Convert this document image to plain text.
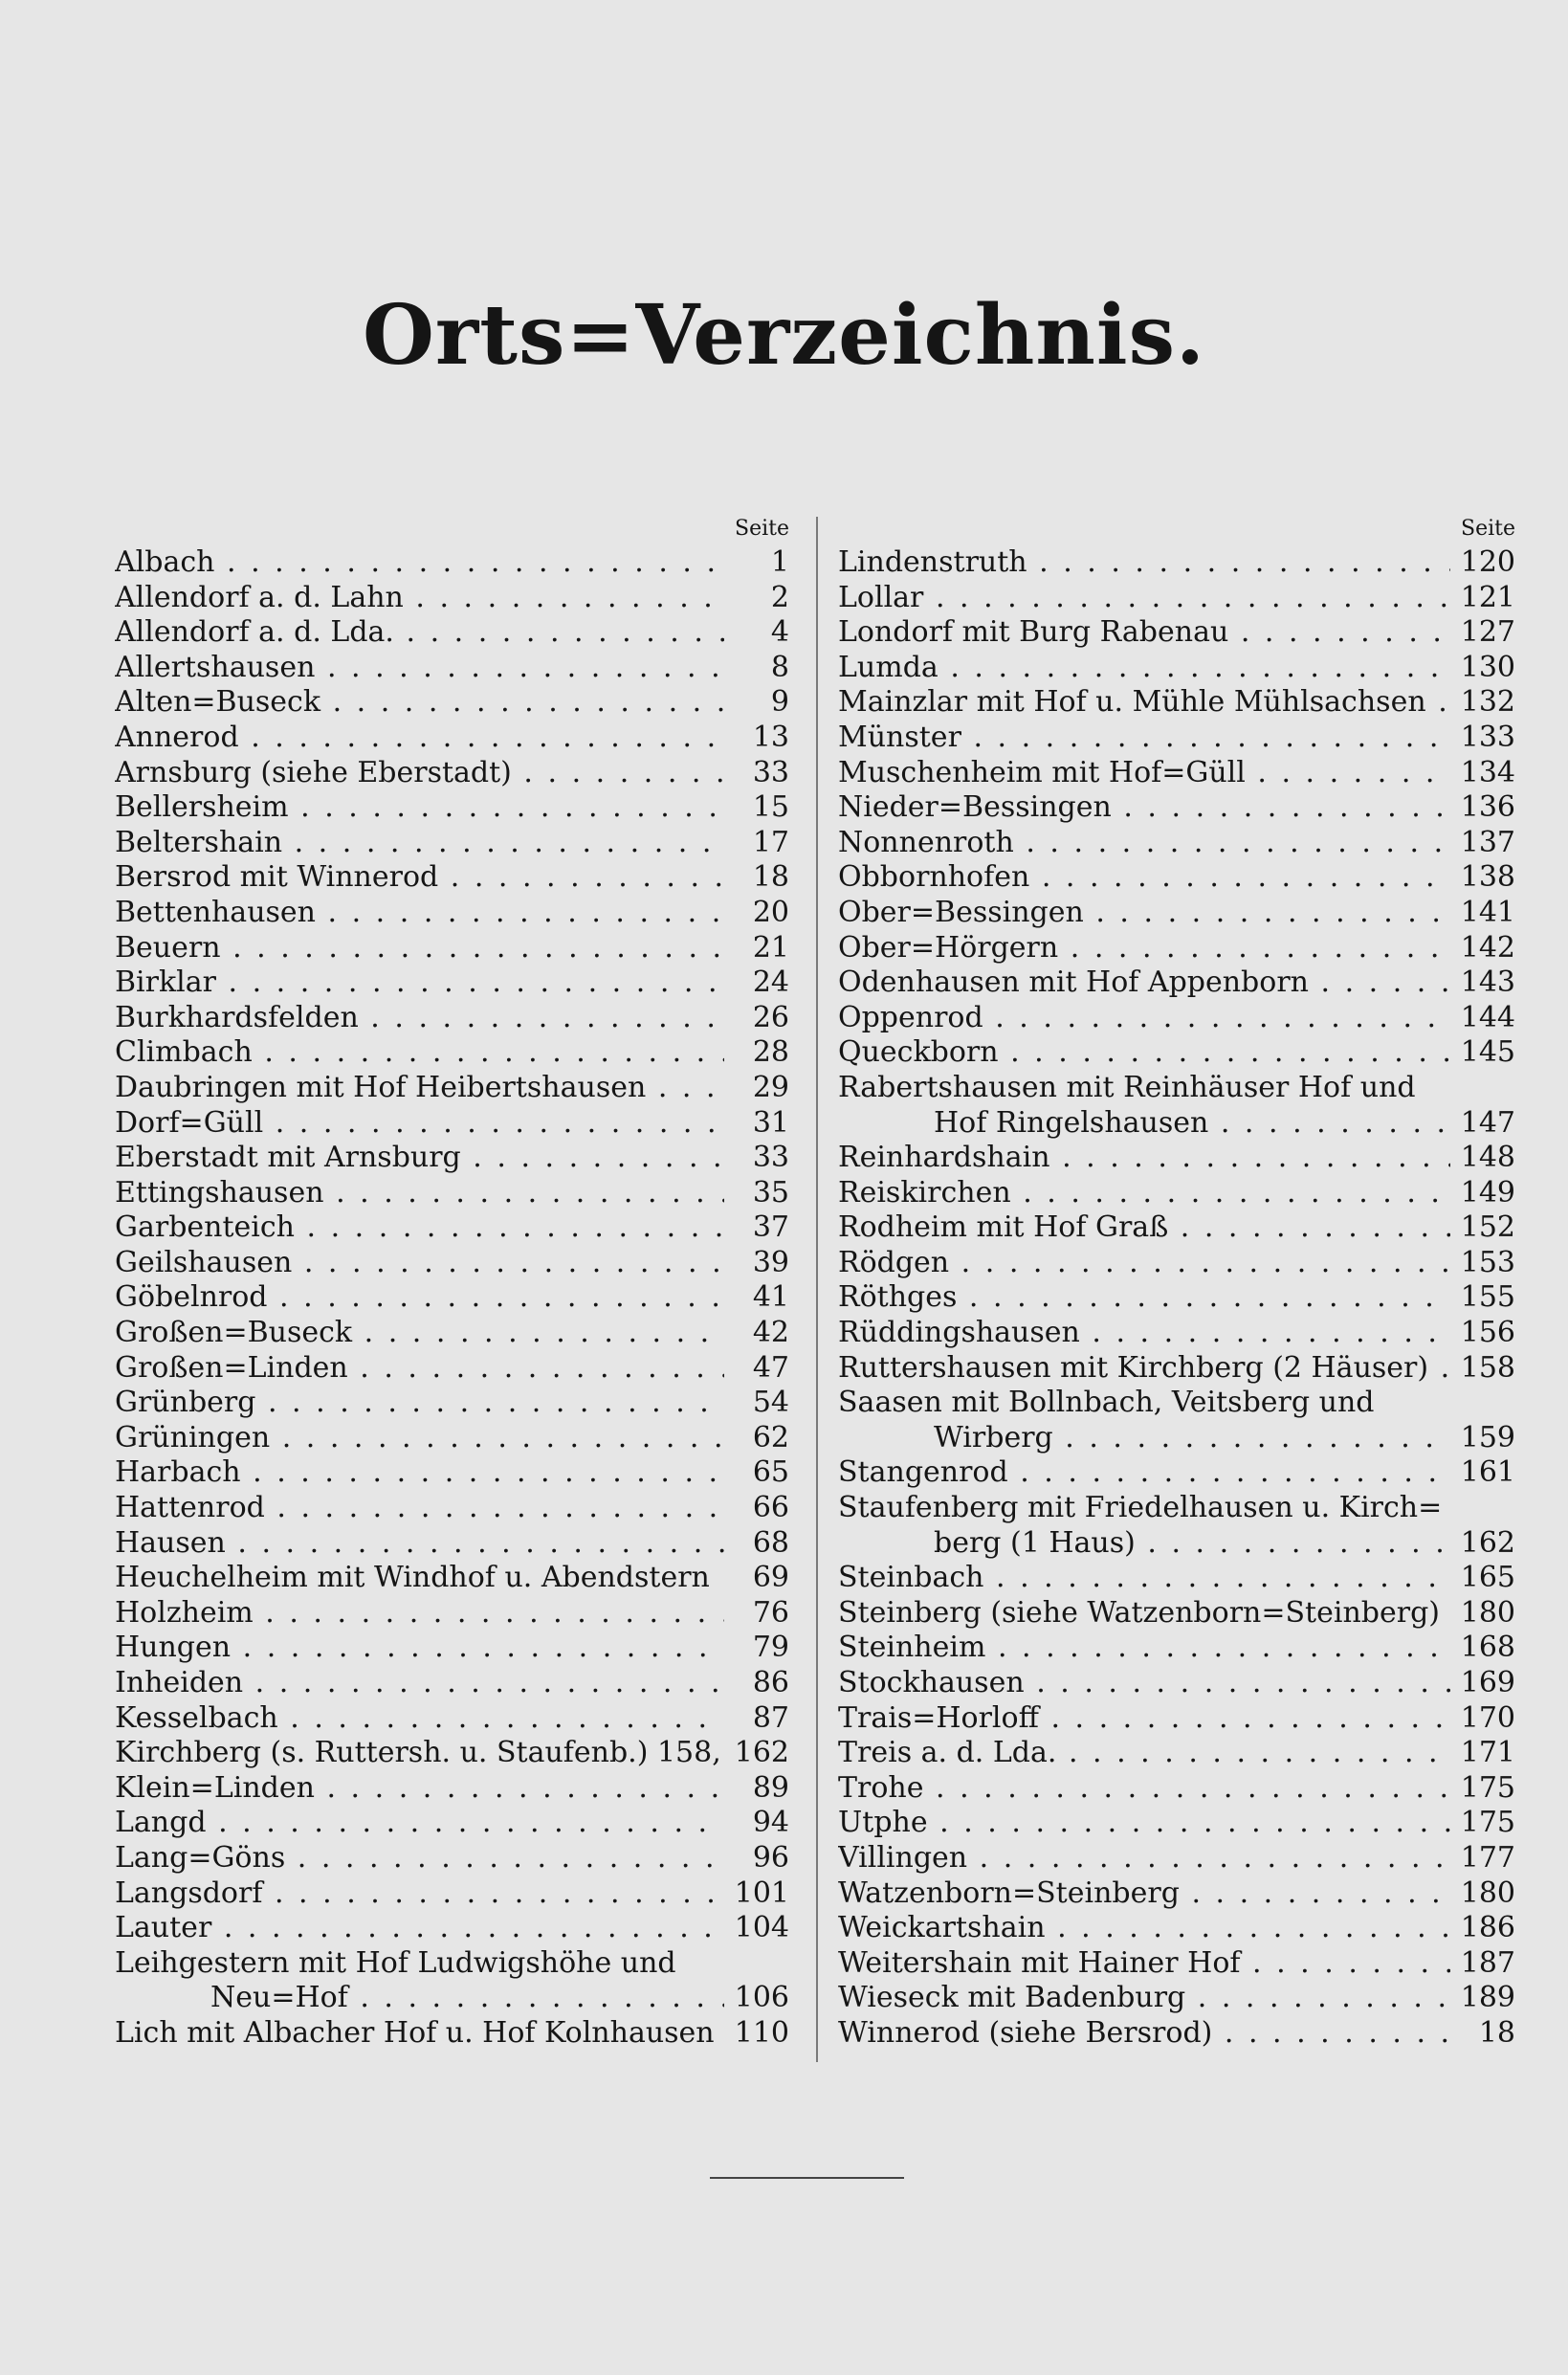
Orts=Verzeichnis.
Seite
Albach . . .	1
Allendorf a. d. Lahn . . .	2
Allendorf a. d. Lda. . . .	4
Allertshausen . . .	8
Alten=Buseck . . .	9
Annerod . . .	13
Arnsburg (siehe Eberstadt) . . .	33
Bellersheim . . .	15
Beltershain . . .	17
Bersrod mit Winnerod . . .	18
Bettenhausen . . .	20
Beuern . . .	21
Birklar . . .	24
Burkhardsfelden . . .	26
Climbach . . .	28
Daubringen mit Hof Heibertshausen . . .	29
Dorf=Güll . . .	31
Eberstadt mit Arnsburg . . .	33
Ettingshausen . . .	35
Garbenteich . . .	37
Geilshausen . . .	39
Göbelnrod . . .	41
Großen=Buseck . . .	42
Großen=Linden . . .	47
Grünberg . . .	54
Grüningen . . .	62
Harbach . . .	65
Hattenrod . . .	66
Hausen . . .	68
Heuchelheim mit Windhof u. Abendstern . . .	69
Holzheim . . .	76
Hungen . . .	79
Inheiden . . .	86
Kesselbach . . .	87
Kirchberg (s. Ruttersh. u. Staufenb.) 158, . . . 162
Klein=Linden . . .	89
Langd . . .	94
Lang=Göns . . .	96
Langsdorf . . .	101
Lauter . . .	104
Leihgestern mit Hof Ludwigshöhe und
Neu=Hof . . .	106
Lich mit Albacher Hof u. Hof Kolnhausen . . . 110
Seite
Lindenstruth . . .	120
Lollar . . .	121
Londorf mit Burg Rabenau . . .	127
Lumda . . .	130
Mainzlar mit Hof u. Mühle Mühlsachsen . . .	132
Münster . . .	133
Muschenheim mit Hof=Güll . . .	134
Nieder=Bessingen . . .	136
Nonnenroth . . .	137
Obbornhofen . . .	138
Ober=Bessingen . . .	141
Ober=Hörgern . . .	142
Odenhausen mit Hof Appenborn . . .	143
Oppenrod . . .	144
Queckborn . . .	145
Rabertshausen mit Reinhäuser Hof und
Hof Ringelshausen . . .	147
Reinhardshain . . .	148
Reiskirchen . . .	149
Rodheim mit Hof Graß . . .	152
Rödgen . . .	153
Röthges . . .	155
Rüddingshausen . . .	156
Ruttershausen mit Kirchberg (2 Häuser) . . .	158
Saasen mit Bollnbach, Veitsberg und
Wirberg . . .	159
Stangenrod . . .	161
Staufenberg mit Friedelhausen u. Kirch=
berg (1 Haus) . . .	162
Steinbach . . .	165
Steinberg (siehe Watzenborn=Steinberg) . . . 180
Steinheim . . .	168
Stockhausen . . .	169
Trais=Horloff . . .	170
Treis a. d. Lda. . . .	171
Trohe . . .	175
Utphe . . .	175
Villingen . . .	177
Watzenborn=Steinberg . . .	180
Weickartshain . . .	186
Weitershain mit Hainer Hof . . .	187
Wieseck mit Badenburg . . .	189
Winnerod (siehe Bersrod) . . .	18
